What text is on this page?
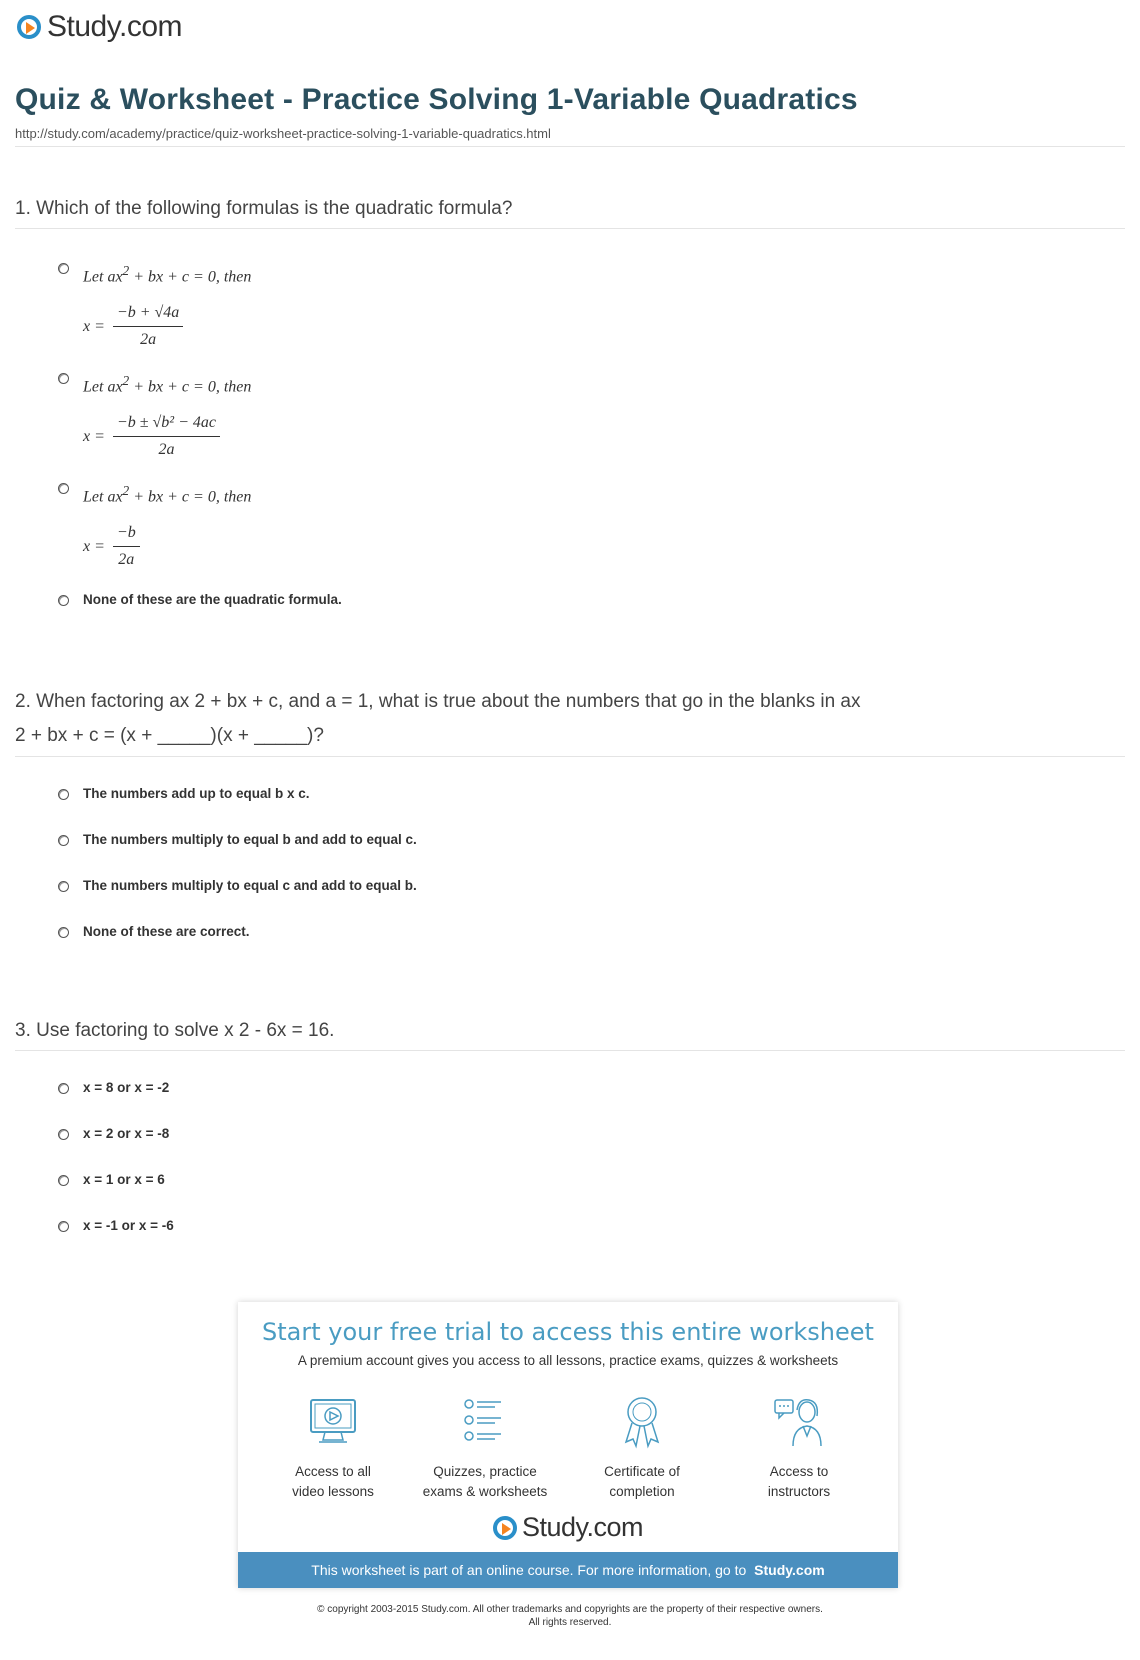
Study.com
Quiz & Worksheet - Practice Solving 1-Variable Quadratics
http://study.com/academy/practice/quiz-worksheet-practice-solving-1-variable-quadratics.html
1. Which of the following formulas is the quadratic formula?
Let $ax^2$ + bx + c = 0, then
$x = \frac{-b + √4a}{2a}$
Let $ax^2$ + bx + c = 0, then
$x = \frac{\text{−b ± √b² − 4ac}}{2a}$
Let $ax^2$ + bx + c = 0, then
$x = \frac{-b}{2a}$
None of these are the quadratic formula.
2. When factoring ax 2 + bx + c, and a = 1, what is true about the numbers that go in the blanks in ax
2 + bx + c = (x + _____)(x + _____)?
The numbers add up to equal b x c.
The numbers multiply to equal b and add to equal c.
The numbers multiply to equal c and add to equal b.
None of these are correct.
3. Use factoring to solve x 2 - 6x = 16.
x = 8 or x = -2
x = 2 or x = -8
x = 1 or x = 6
x = -1 or x = -6
Start your free trial to access this entire worksheet
A premium account gives you access to all lessons, practice exams, quizzes & worksheets
Access to all
video lessons
Quizzes, practice
exams & worksheets
Certificate of
completion
Access to
instructors
Study.com
This worksheet is part of an online course. For more information, go to Study.com
© copyright 2003-2015 Study.com. All other trademarks and copyrights are the property of their respective owners.
All rights reserved.
